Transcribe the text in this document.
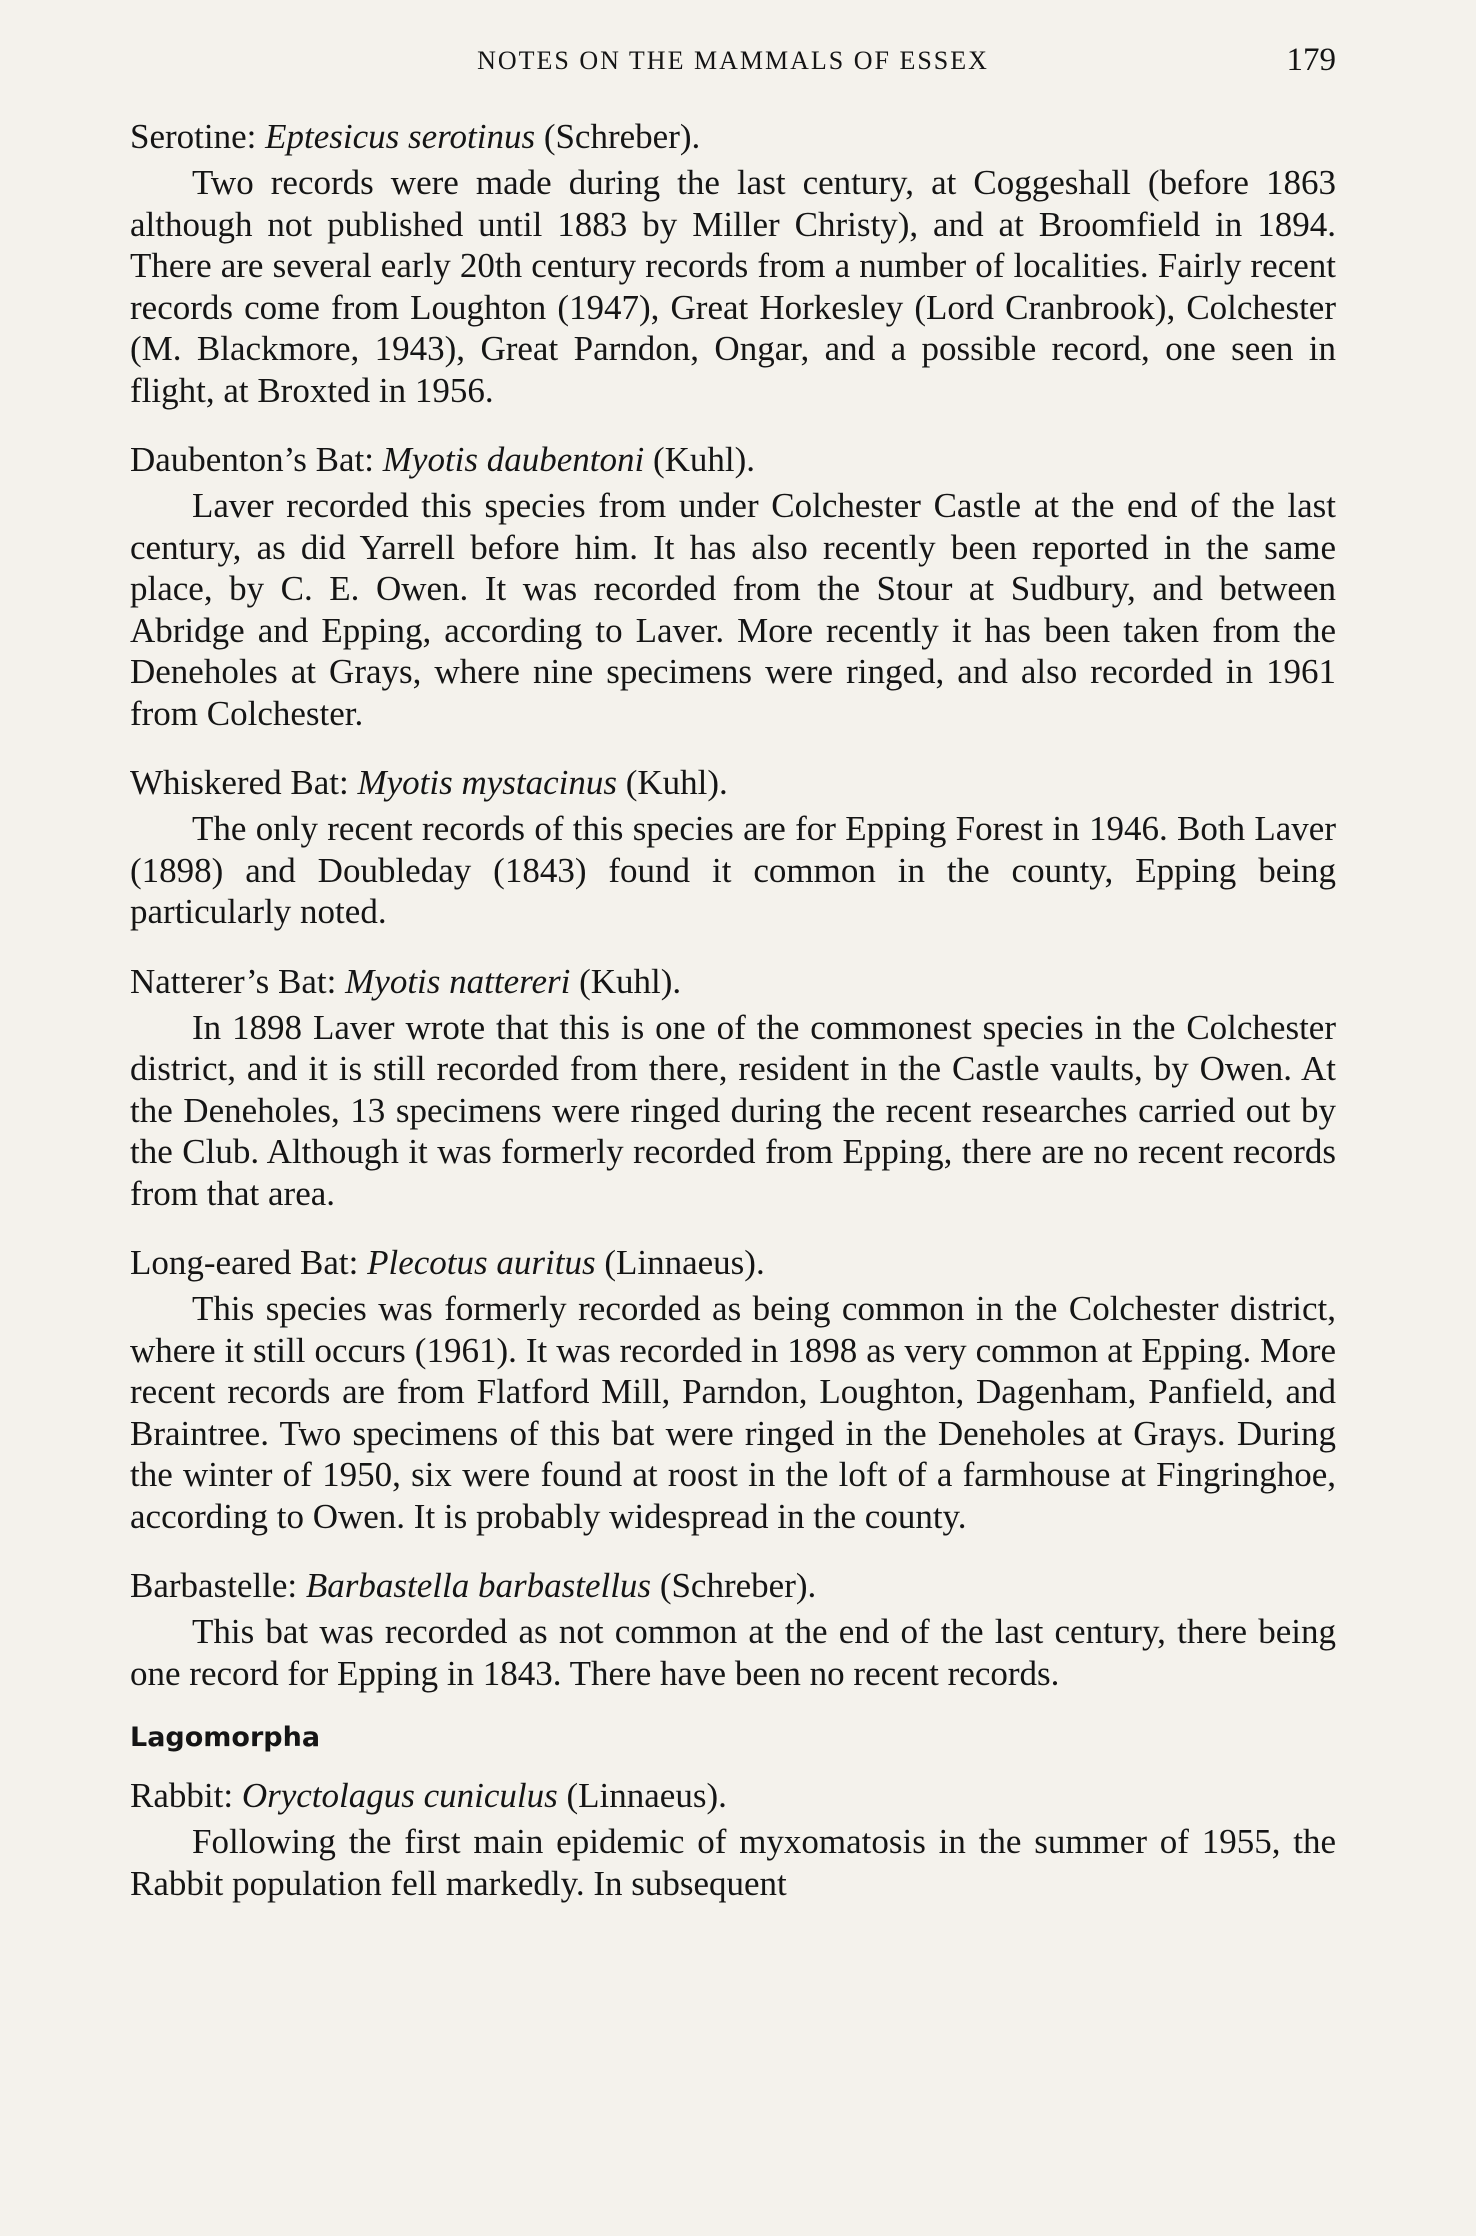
NOTES ON THE MAMMALS OF ESSEX	179
Serotine: Eptesicus serotinus (Schreber).

Two records were made during the last century, at Coggeshall (before 1863 although not published until 1883 by Miller Christy), and at Broomfield in 1894. There are several early 20th century records from a number of localities. Fairly recent records come from Loughton (1947), Great Horkesley (Lord Cranbrook), Colchester (M. Blackmore, 1943), Great Parndon, Ongar, and a possible record, one seen in flight, at Broxted in 1956.

Daubenton’s Bat: Myotis daubentoni (Kuhl).

Laver recorded this species from under Colchester Castle at the end of the last century, as did Yarrell before him. It has also recently been reported in the same place, by C. E. Owen. It was recorded from the Stour at Sudbury, and between Abridge and Epping, according to Laver. More recently it has been taken from the Deneholes at Grays, where nine specimens were ringed, and also recorded in 1961 from Colchester.

Whiskered Bat: Myotis mystacinus (Kuhl).

The only recent records of this species are for Epping Forest in 1946. Both Laver (1898) and Doubleday (1843) found it common in the county, Epping being particularly noted.

Natterer’s Bat: Myotis nattereri (Kuhl).

In 1898 Laver wrote that this is one of the commonest species in the Colchester district, and it is still recorded from there, resident in the Castle vaults, by Owen. At the Deneholes, 13 specimens were ringed during the recent researches carried out by the Club. Although it was formerly recorded from Epping, there are no recent records from that area.

Long-eared Bat: Plecotus auritus (Linnaeus).

This species was formerly recorded as being common in the Colchester district, where it still occurs (1961). It was recorded in 1898 as very common at Epping. More recent records are from Flatford Mill, Parndon, Loughton, Dagenham, Panfield, and Braintree. Two specimens of this bat were ringed in the Deneholes at Grays. During the winter of 1950, six were found at roost in the loft of a farmhouse at Fingringhoe, according to Owen. It is probably widespread in the county.

Barbastelle: Barbastella barbastellus (Schreber).

This bat was recorded as not common at the end of the last century, there being one record for Epping in 1843. There have been no recent records.

Lagomorpha
Rabbit: Oryctolagus cuniculus (Linnaeus).

Following the first main epidemic of myxomatosis in the summer of 1955, the Rabbit population fell markedly. In subsequent
